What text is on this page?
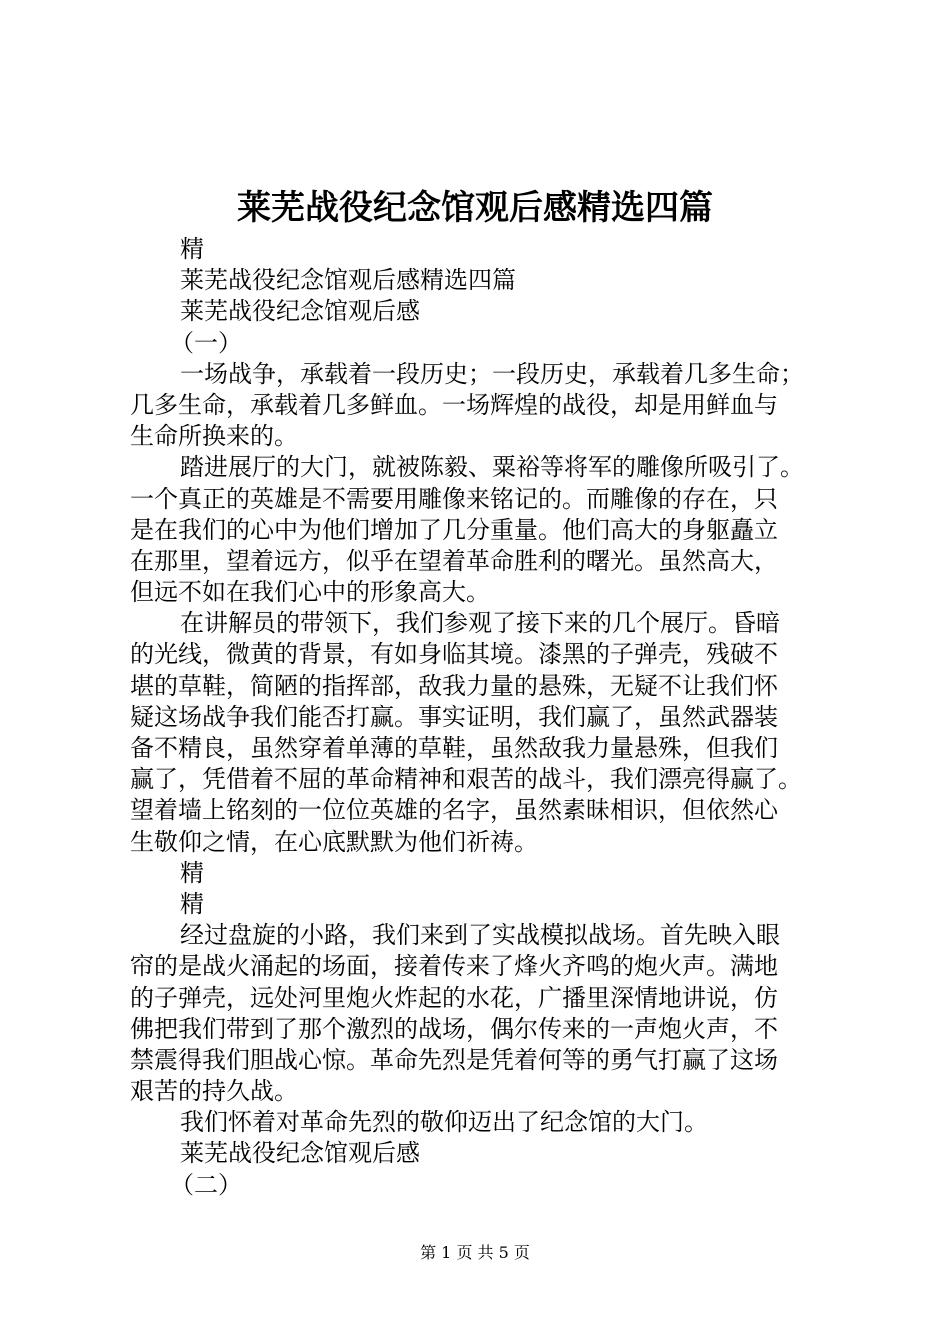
莱芜战役纪念馆观后感精选四篇
精
莱芜战役纪念馆观后感精选四篇
莱芜战役纪念馆观后感
（一）
一场战争，承载着一段历史；一段历史，承载着几多生命；
几多生命，承载着几多鲜血。一场辉煌的战役，却是用鲜血与
生命所换来的。
踏进展厅的大门，就被陈毅、粟裕等将军的雕像所吸引了。
一个真正的英雄是不需要用雕像来铭记的。而雕像的存在，只
是在我们的心中为他们增加了几分重量。他们高大的身躯矗立
在那里，望着远方，似乎在望着革命胜利的曙光。虽然高大，
但远不如在我们心中的形象高大。
在讲解员的带领下，我们参观了接下来的几个展厅。昏暗
的光线，微黄的背景，有如身临其境。漆黑的子弹壳，残破不
堪的草鞋，简陋的指挥部，敌我力量的悬殊，无疑不让我们怀
疑这场战争我们能否打赢。事实证明，我们赢了，虽然武器装
备不精良，虽然穿着单薄的草鞋，虽然敌我力量悬殊，但我们
赢了，凭借着不屈的革命精神和艰苦的战斗，我们漂亮得赢了。
望着墙上铭刻的一位位英雄的名字，虽然素昧相识，但依然心
生敬仰之情，在心底默默为他们祈祷。
精
精
经过盘旋的小路，我们来到了实战模拟战场。首先映入眼
帘的是战火涌起的场面，接着传来了烽火齐鸣的炮火声。满地
的子弹壳，远处河里炮火炸起的水花，广播里深情地讲说，仿
佛把我们带到了那个激烈的战场，偶尔传来的一声炮火声，不
禁震得我们胆战心惊。革命先烈是凭着何等的勇气打赢了这场
艰苦的持久战。
我们怀着对革命先烈的敬仰迈出了纪念馆的大门。
莱芜战役纪念馆观后感
（二）
第 1 页 共 5 页
